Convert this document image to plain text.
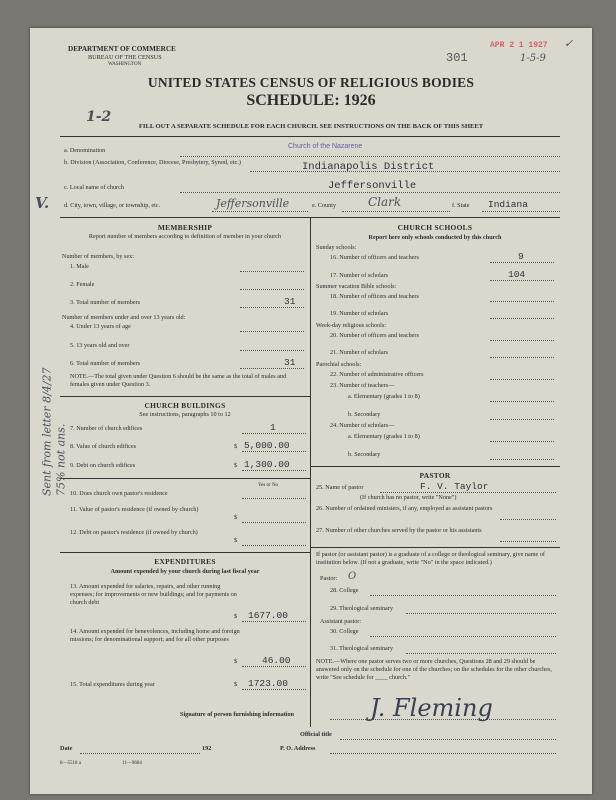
DEPARTMENT OF COMMERCE
BUREAU OF THE CENSUS
WASHINGTON
APR 2 1 1927 ✓
301	1-5-9
UNITED STATES CENSUS OF RELIGIOUS BODIES
SCHEDULE: 1926
1-2
FILL OUT A SEPARATE SCHEDULE FOR EACH CHURCH. SEE INSTRUCTIONS ON THE BACK OF THIS SHEET
a. Denomination
Church of the Nazarene
b. Division (Association, Conference, Diocese, Presbytery, Synod, etc.)	Indianapolis District
c. Local name of church	Jeffersonville
V. d. City, town, village, or township, etc.	Jeffersonville	e. County	Clark	f. State Indiana
MEMBERSHIP
Report number of members according to definition of member in your church
Number of members, by sex:
1. Male
2. Female
3. Total number of members	31
Number of members under and over 13 years old:
4. Under 13 years of age
5. 13 years old and over
6. Total number of members	31
NOTE.—The total given under Question 6 should be the same as the total of males and females given under Question 3.
CHURCH BUILDINGS
See instructions, paragraphs 10 to 12
7. Number of church edifices	1
8. Value of church edifices	$ 5,000.00
9. Debt on church edifices	$ 1,300.00
Yes or No
10. Does church own pastor's residence
11. Value of pastor's residence (if owned by church)
$
12. Debt on pastor's residence (if owned by church)
$
EXPENDITURES
Amount expended by your church during last fiscal year
13. Amount expended for salaries, repairs, and other running expenses; for improvements or new buildings; and for payments on church debt
$ 1677.00
14. Amount expended for benevolences, including home and foreign missions; for denominational support; and for all other purposes
$	46.00
15. Total expenditures during year	$ 1723.00
CHURCH SCHOOLS
Report here only schools conducted by this church
Sunday schools:
16. Number of officers and teachers	9
17. Number of scholars	104
Summer vacation Bible schools:
18. Number of officers and teachers
19. Number of scholars
Week-day religious schools:
20. Number of officers and teachers
21. Number of scholars
Parochial schools:
22. Number of administrative officers
23. Number of teachers—
a. Elementary (grades 1 to 8)
b. Secondary
24. Number of scholars—
a. Elementary (grades 1 to 8)
b. Secondary
PASTOR
25. Name of pastor	F. V. Taylor
(If church has no pastor, write "None")
26. Number of ordained ministers, if any, employed as assistant pastors
27. Number of other churches served by the pastor or his assistants
If pastor (or assistant pastor) is a graduate of a college or theological seminary, give name of institution below. (If not a graduate, write "No" in the space indicated.)
Pastor: O
28. College
29. Theological seminary
Assistant pastor:
30. College
31. Theological seminary
NOTE.—Where one pastor serves two or more churches, Questions 28 and 29 should be answered only on the schedule for one of the churches; on the schedules for the other churches, write "See schedule for ____ church."
Signature of person furnishing information	J. Fleming
Official title
Date	192	P. O. Address
8—5518 a	11—9684
Sent from letter 8/4/27 75% not ans.
